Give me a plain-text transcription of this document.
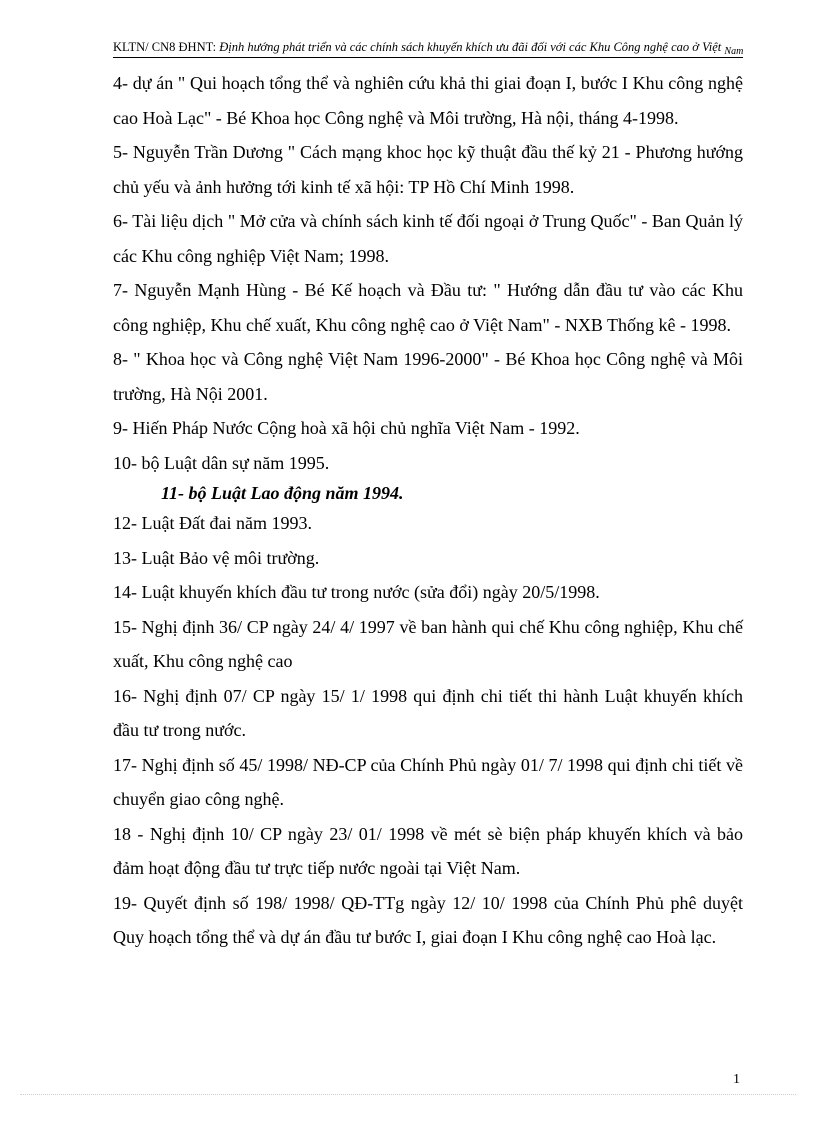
KLTN/ CN8 ĐHNT: Định hướng phát triển và các chính sách khuyến khích ưu đãi đối với các Khu Công nghệ cao ở Việt $_{Nam}$

4- dự án " Qui hoạch tổng thể và nghiên cứu khả thi giai đoạn I, bước I Khu công nghệ cao Hoà Lạc" - Bé Khoa học Công nghệ và Môi trường, Hà nội, tháng 4-1998.

5- Nguyễn Trần Dương " Cách mạng khoc học kỹ thuật đầu thế kỷ 21 - Phương hướng chủ yếu và ảnh hưởng tới kinh tế xã hội: TP Hồ Chí Minh 1998.

6- Tài liệu dịch " Mở cửa và chính sách kinh tế đối ngoại ở Trung Quốc" - Ban Quản lý các Khu công nghiệp Việt Nam; 1998.

7- Nguyễn Mạnh Hùng - Bé Kế hoạch và Đầu tư: " Hướng dẫn đầu tư vào các Khu công nghiệp, Khu chế xuất, Khu công nghệ cao ở Việt Nam" - NXB Thống kê - 1998.

8- " Khoa học và Công nghệ Việt Nam 1996-2000" - Bé Khoa học Công nghệ và Môi trường, Hà Nội 2001.

9- Hiến Pháp Nước Cộng hoà xã hội chủ nghĩa Việt Nam - 1992.

10- bộ Luật dân sự năm 1995.

11- bộ Luật Lao động năm 1994.

12- Luật Đất đai năm 1993.

13- Luật Bảo vệ môi trường.

14- Luật khuyến khích đầu tư trong nước (sửa đổi) ngày 20/5/1998.

15- Nghị định 36/ CP ngày 24/ 4/ 1997 về ban hành qui chế Khu công nghiệp, Khu chế xuất, Khu công nghệ cao

16- Nghị định 07/ CP ngày 15/ 1/ 1998 qui định chi tiết thi hành Luật khuyến khích đầu tư trong nước.

17- Nghị định số 45/ 1998/ NĐ-CP của Chính Phủ ngày 01/ 7/ 1998 qui định chi tiết về chuyển giao công nghệ.

18 - Nghị định 10/ CP ngày 23/ 01/ 1998 về mét sè biện pháp khuyến khích và bảo đảm hoạt động đầu tư trực tiếp nước ngoài tại Việt Nam.

19- Quyết định số 198/ 1998/ QĐ-TTg ngày 12/ 10/ 1998 của Chính Phủ phê duyệt Quy hoạch tổng thể và dự án đầu tư bước I, giai đoạn I Khu công nghệ cao Hoà lạc.

1
